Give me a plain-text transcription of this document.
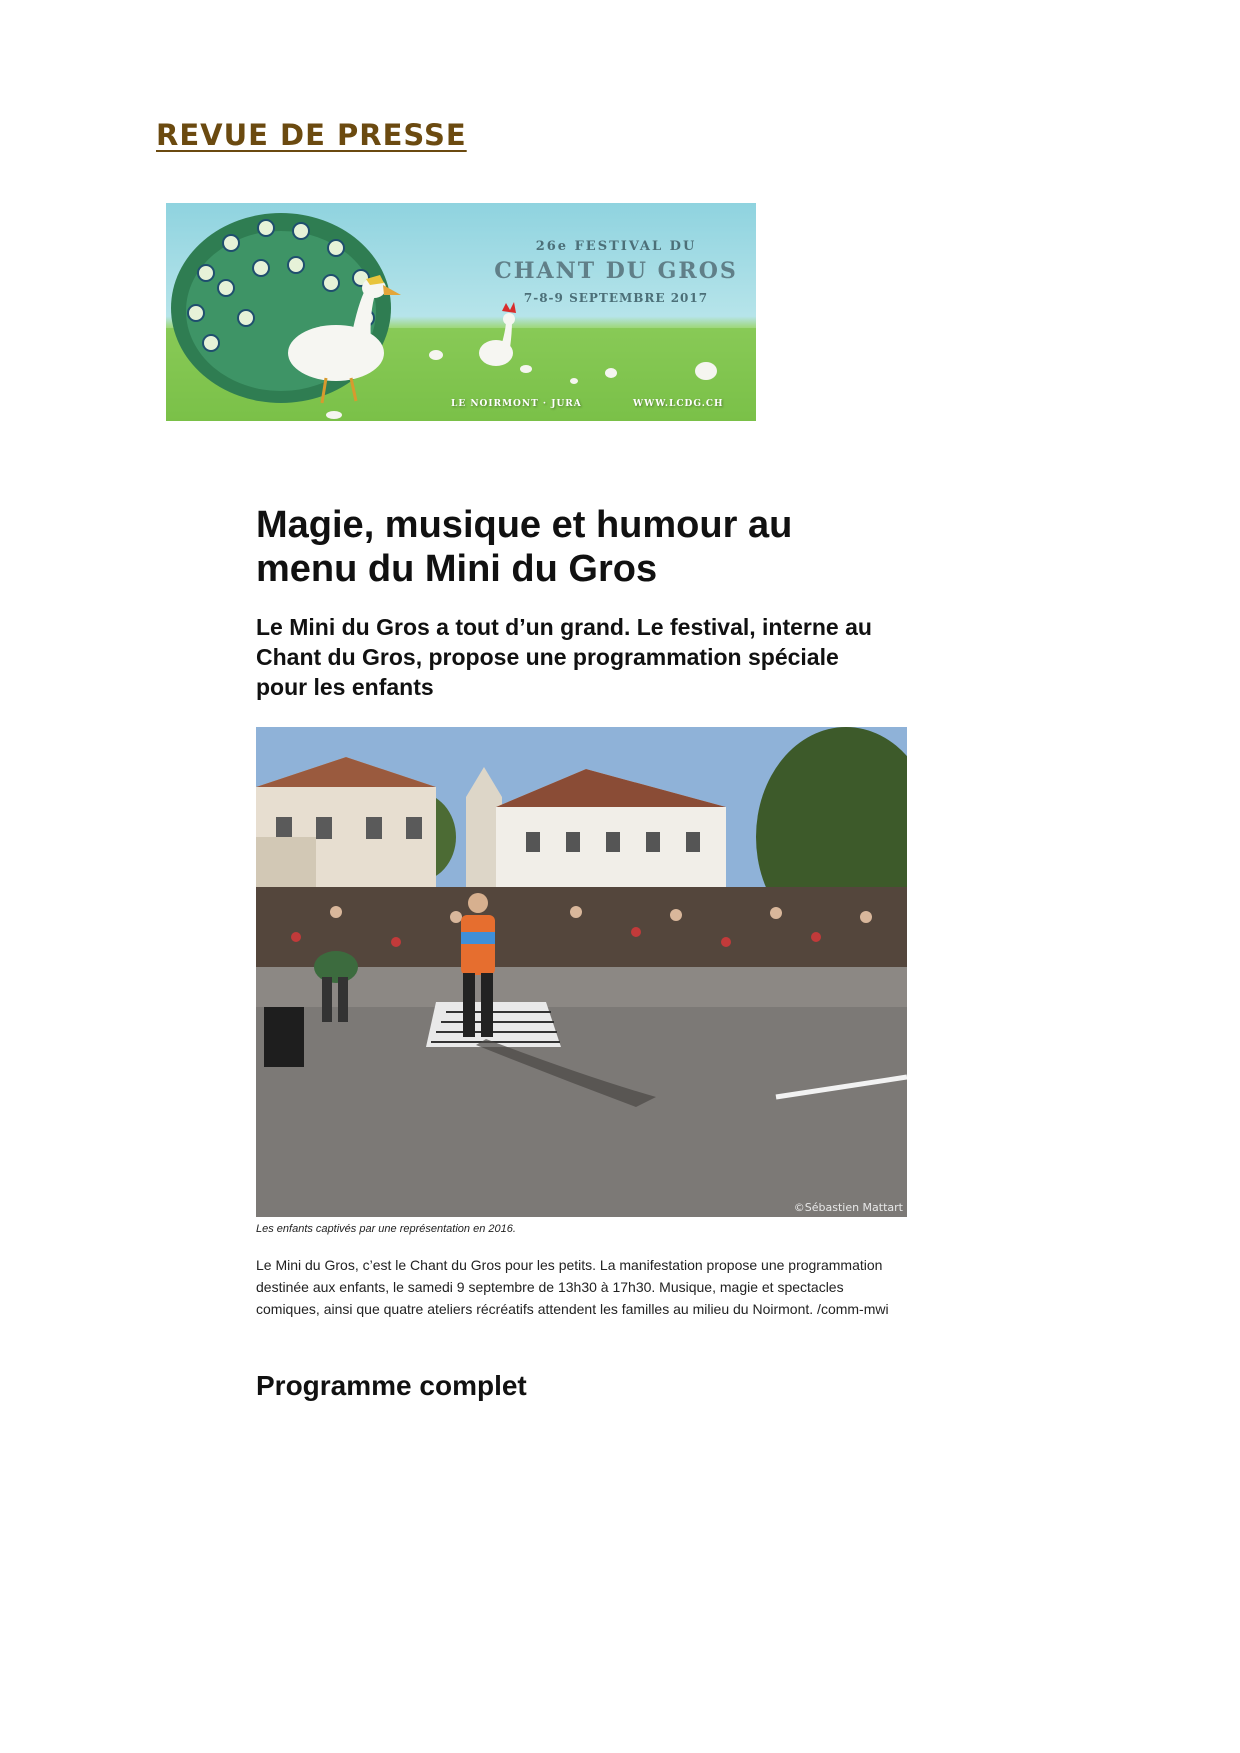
REVUE DE PRESSE
26e FESTIVAL DU
CHANT DU GROS
7-8-9 SEPTEMBRE 2017
LE NOIRMONT · JURA	WWW.LCDG.CH
Magie, musique et humour au menu du Mini du Gros

Le Mini du Gros a tout d’un grand. Le festival, interne au Chant du Gros, propose une programmation spéciale pour les enfants

©Sébastien Mattart

Les enfants captivés par une représentation en 2016.

Le Mini du Gros, c’est le Chant du Gros pour les petits. La manifestation propose une programmation destinée aux enfants, le samedi 9 septembre de 13h30 à 17h30. Musique, magie et spectacles comiques, ainsi que quatre ateliers récréatifs attendent les familles au milieu du Noirmont. /comm-mwi

Programme complet
